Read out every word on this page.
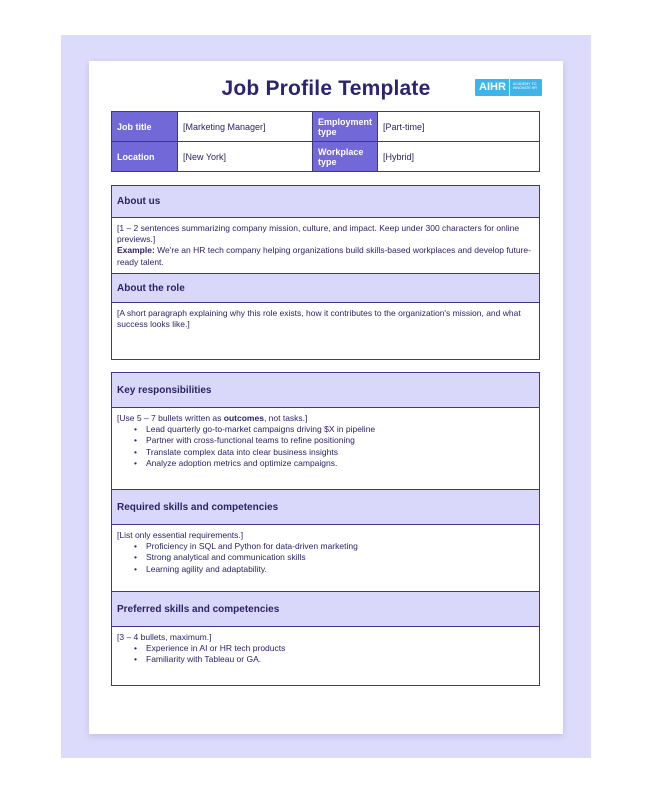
Job Profile Template	AIHR	ACADEMY TO INNOVATE HR
Job title	[Marketing Manager]	Employment type	[Part-time]
Location	[New York]	Workplace type	[Hybrid]
About us
[1 – 2 sentences summarizing company mission, culture, and impact. Keep under 300 characters for online previews.]
Example: We're an HR tech company helping organizations build skills-based workplaces and develop future-ready talent.
About the role
[A short paragraph explaining why this role exists, how it contributes to the organization's mission, and what success looks like.]
Key responsibilities
[Use 5 – 7 bullets written as outcomes, not tasks.]
• Lead quarterly go-to-market campaigns driving $X in pipeline
• Partner with cross-functional teams to refine positioning
• Translate complex data into clear business insights
• Analyze adoption metrics and optimize campaigns.
Required skills and competencies
[List only essential requirements.]
• Proficiency in SQL and Python for data-driven marketing
• Strong analytical and communication skills
• Learning agility and adaptability.
Preferred skills and competencies
[3 – 4 bullets, maximum.]
• Experience in AI or HR tech products
• Familiarity with Tableau or GA.
